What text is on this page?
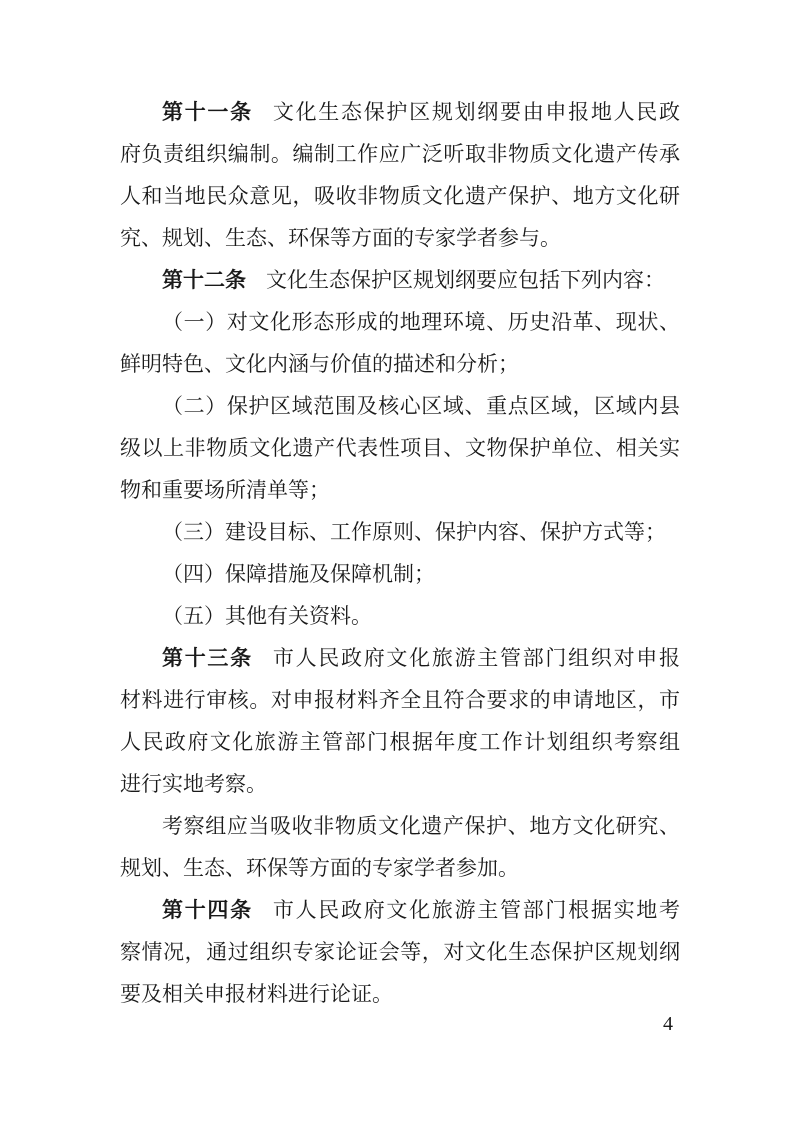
第十一条 文化生态保护区规划纲要由申报地人民政
府负责组织编制。编制工作应广泛听取非物质文化遗产传承
人和当地民众意见，吸收非物质文化遗产保护、地方文化研
究、规划、生态、环保等方面的专家学者参与。
第十二条 文化生态保护区规划纲要应包括下列内容：
（一）对文化形态形成的地理环境、历史沿革、现状、
鲜明特色、文化内涵与价值的描述和分析；
（二）保护区域范围及核心区域、重点区域，区域内县
级以上非物质文化遗产代表性项目、文物保护单位、相关实
物和重要场所清单等；
（三）建设目标、工作原则、保护内容、保护方式等；
（四）保障措施及保障机制；
（五）其他有关资料。
第十三条 市人民政府文化旅游主管部门组织对申报
材料进行审核。对申报材料齐全且符合要求的申请地区，市
人民政府文化旅游主管部门根据年度工作计划组织考察组
进行实地考察。
考察组应当吸收非物质文化遗产保护、地方文化研究、
规划、生态、环保等方面的专家学者参加。
第十四条 市人民政府文化旅游主管部门根据实地考
察情况，通过组织专家论证会等，对文化生态保护区规划纲
要及相关申报材料进行论证。
4
